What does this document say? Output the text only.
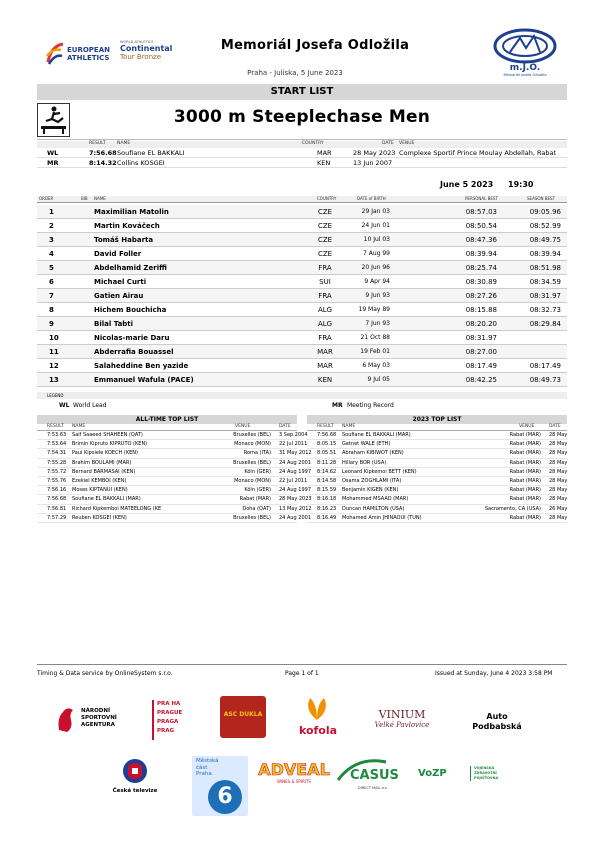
EUROPEAN ATHLETICS
WORLD ATHLETICS
Continental
Tour Bronze
Memoriál Josefa Odložila
Praha - Juliska, 5 June 2023	m.J.O.
Memoriál Josefa Odložila
START LIST
3000 m Steeplechase Men
RESULT NAME	COUNTRY	DATE VENUE
WL	7:56.68 Soufiane EL BAKKALI	MAR	28 May 2023 Complexe Sportif Prince Moulay Abdellah, Rabat
MR	8:14.32 Collins KOSGEI	KEN	13 Jun 2007
June 5 2023 19:30
ORDER	BIB NAME	COUNTRY	DATE of BIRTH	PERSONAL BEST	SEASON BEST
1	Maximilian Matolin	CZE	29 Jan 03	08:57.03	09:05.96
2	Martin Kováčech	CZE	24 Jun 01	08:50.54	08:52.99
3	Tomáš Habarta	CZE	10 Jul 03	08:47.36	08:49.75
4	David Foller	CZE	7 Aug 99	08:39.94	08:39.94
5	Abdelhamid Zeriffi	FRA	20 Jun 96	08:25.74	08:51.98
6	Michael Curti	SUI	9 Apr 94	08:30.89	08:34.59
7	Gatien Airau	FRA	9 Jun 93	08:27.26	08:31.97
8	Hichem Bouchicha	ALG	19 May 89	08:15.88	08:32.73
9	Bilal Tabti	ALG	7 Jun 93	08:20.20	08:29.84
10	Nicolas-marie Daru	FRA	21 Oct 88	08:31.97
11	Abderrafia Bouassel	MAR	19 Feb 01	08:27.00
12	Salaheddine Ben yazide	MAR	6 May 03	08:17.49	08:17.49
13	Emmanuel Wafula (PACE)	KEN	9 Jul 05	08:42.25	08:49.73
LEGEND
WL World Lead	MR Meeting Record
ALL-TIME TOP LIST
RESULT NAME	VENUE	DATE
7:53.63 Saif Saaeed SHAHEEN (QAT)	Bruxelles (BEL) 3 Sep 2004
7:53.64 Brimin Kipruto KIPRUTO (KEN)	Monaco (MON) 22 Jul 2011
7:54.31 Paul Kipsiele KOECH (KEN)	Roma (ITA) 31 May 2012
7:55.28 Brahim BOULAMI (MAR)	Bruxelles (BEL) 24 Aug 2001
7:55.72 Bernard BARMASAI (KEN)	Köln (GER) 24 Aug 1997
7:55.76 Ezekiel KEMBOI (KEN)	Monaco (MON) 22 Jul 2011
7:56.16 Moses KIPTANUI (KEN)	Köln (GER) 24 Aug 1997
7:56.68 Soufiane EL BAKKALI (MAR)	Rabat (MAR) 28 May 2023
7:56.81 Richard Kipkemboi MATEELONG (KE	Doha (QAT) 13 May 2012
7:57.29 Reuben KOSGEI (KEN)	Bruxelles (BEL) 24 Aug 2001
2023 TOP LIST
RESULT NAME	VENUE	DATE
7:56.68 Soufiane EL BAKKALI (MAR)	Rabat (MAR) 28 May
8:05.15 Getnet WALE (ETH)	Rabat (MAR) 28 May
8:05.51 Abraham KIBIWOT (KEN)	Rabat (MAR) 28 May
8:11.28 Hillary BOR (USA)	Rabat (MAR) 28 May
8:14.62 Leonard Kipkemoi BETT (KEN)	Rabat (MAR) 28 May
8:14.58 Osama ZOGHLAMI (ITA)	Rabat (MAR) 28 May
8:15.59 Benjamin KIGEN (KEN)	Rabat (MAR) 28 May
8:16.18 Mohammed MSAAD (MAR)	Rabat (MAR) 28 May
8:16.23 Duncan HAMILTON (USA)	Sacramento, CA (USA) 26 May
8:16.49 Mohamed Amin JHINAOUI (TUN)	Rabat (MAR) 28 May
Timing & Data service by OnlineSystem s.r.o.	Page 1 of 1	Issued at Sunday, June 4 2023 3:58 PM
NÁRODNÍ
SPORTOVNÍ
AGENTURA
PRA HA
PRAGUE
PRAGA
PRAG
ASC DUKLA
kofola
VINIUM
Velké Pavlovice
Auto
Podbabská
Česká televize
Městská
část
Praha
6
ADVEAL
WINES & SPIRITS	CASUS
DIRECT MAIL a.s.
VoZP	VOJENSKÁ ZDRAVOTNÍ POJIŠŤOVNA
